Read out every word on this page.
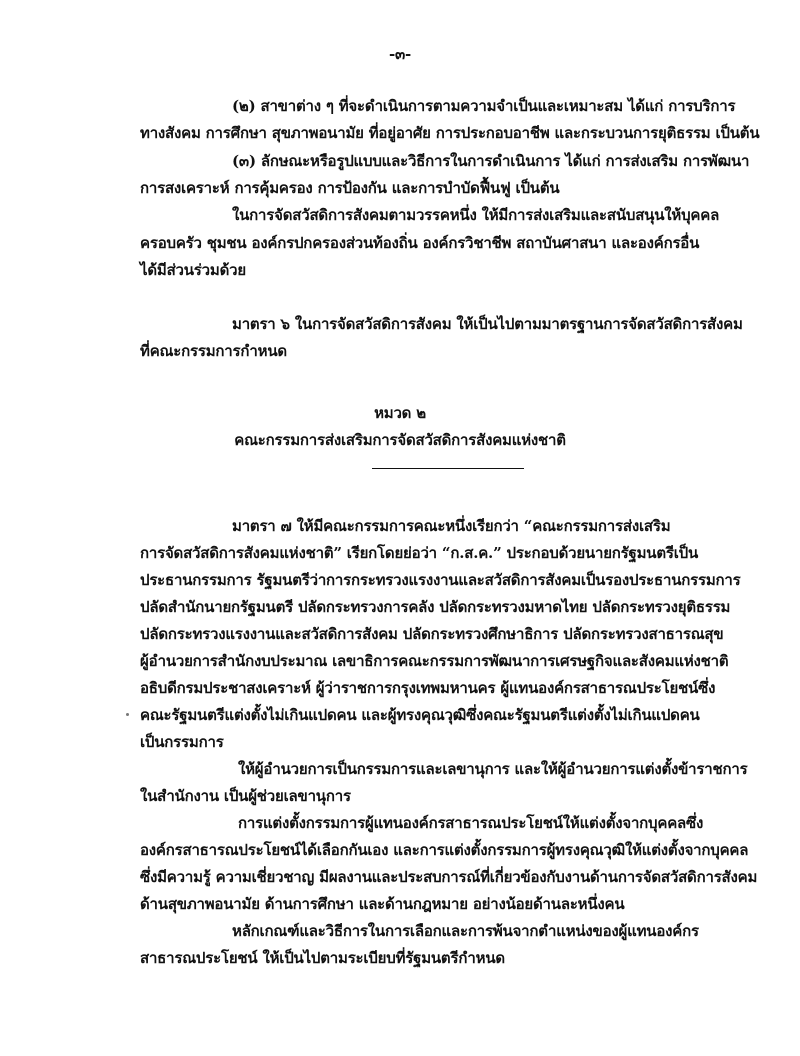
-๓-
(๒) สาขาต่าง ๆ ที่จะดำเนินการตามความจำเป็นและเหมาะสม ได้แก่ การบริการ
ทางสังคม การศึกษา สุขภาพอนามัย ที่อยู่อาศัย การประกอบอาชีพ และกระบวนการยุติธรรม เป็นต้น
(๓) ลักษณะหรือรูปแบบและวิธีการในการดำเนินการ ได้แก่ การส่งเสริม การพัฒนา
การสงเคราะห์ การคุ้มครอง การป้องกัน และการบำบัดฟื้นฟู เป็นต้น
ในการจัดสวัสดิการสังคมตามวรรคหนึ่ง ให้มีการส่งเสริมและสนับสนุนให้บุคคล
ครอบครัว ชุมชน องค์กรปกครองส่วนท้องถิ่น องค์กรวิชาชีพ สถาบันศาสนา และองค์กรอื่น
ได้มีส่วนร่วมด้วย
มาตรา ๖ ในการจัดสวัสดิการสังคม ให้เป็นไปตามมาตรฐานการจัดสวัสดิการสังคม
ที่คณะกรรมการกำหนด
หมวด ๒
คณะกรรมการส่งเสริมการจัดสวัสดิการสังคมแห่งชาติ
มาตรา ๗ ให้มีคณะกรรมการคณะหนึ่งเรียกว่า “คณะกรรมการส่งเสริม
การจัดสวัสดิการสังคมแห่งชาติ” เรียกโดยย่อว่า “ก.ส.ค.” ประกอบด้วยนายกรัฐมนตรีเป็น
ประธานกรรมการ รัฐมนตรีว่าการกระทรวงแรงงานและสวัสดิการสังคมเป็นรองประธานกรรมการ
ปลัดสำนักนายกรัฐมนตรี ปลัดกระทรวงการคลัง ปลัดกระทรวงมหาดไทย ปลัดกระทรวงยุติธรรม
ปลัดกระทรวงแรงงานและสวัสดิการสังคม ปลัดกระทรวงศึกษาธิการ ปลัดกระทรวงสาธารณสุข
ผู้อำนวยการสำนักงบประมาณ เลขาธิการคณะกรรมการพัฒนาการเศรษฐกิจและสังคมแห่งชาติ
อธิบดีกรมประชาสงเคราะห์ ผู้ว่าราชการกรุงเทพมหานคร ผู้แทนองค์กรสาธารณประโยชน์ซึ่ง
คณะรัฐมนตรีแต่งตั้งไม่เกินแปดคน และผู้ทรงคุณวุฒิซึ่งคณะรัฐมนตรีแต่งตั้งไม่เกินแปดคน
เป็นกรรมการ
ให้ผู้อำนวยการเป็นกรรมการและเลขานุการ และให้ผู้อำนวยการแต่งตั้งข้าราชการ
ในสำนักงาน เป็นผู้ช่วยเลขานุการ
การแต่งตั้งกรรมการผู้แทนองค์กรสาธารณประโยชน์ให้แต่งตั้งจากบุคคลซึ่ง
องค์กรสาธารณประโยชน์ได้เลือกกันเอง และการแต่งตั้งกรรมการผู้ทรงคุณวุฒิให้แต่งตั้งจากบุคคล
ซึ่งมีความรู้ ความเชี่ยวชาญ มีผลงานและประสบการณ์ที่เกี่ยวข้องกับงานด้านการจัดสวัสดิการสังคม
ด้านสุขภาพอนามัย ด้านการศึกษา และด้านกฎหมาย อย่างน้อยด้านละหนึ่งคน
หลักเกณฑ์และวิธีการในการเลือกและการพ้นจากตำแหน่งของผู้แทนองค์กร
สาธารณประโยชน์ ให้เป็นไปตามระเบียบที่รัฐมนตรีกำหนด
